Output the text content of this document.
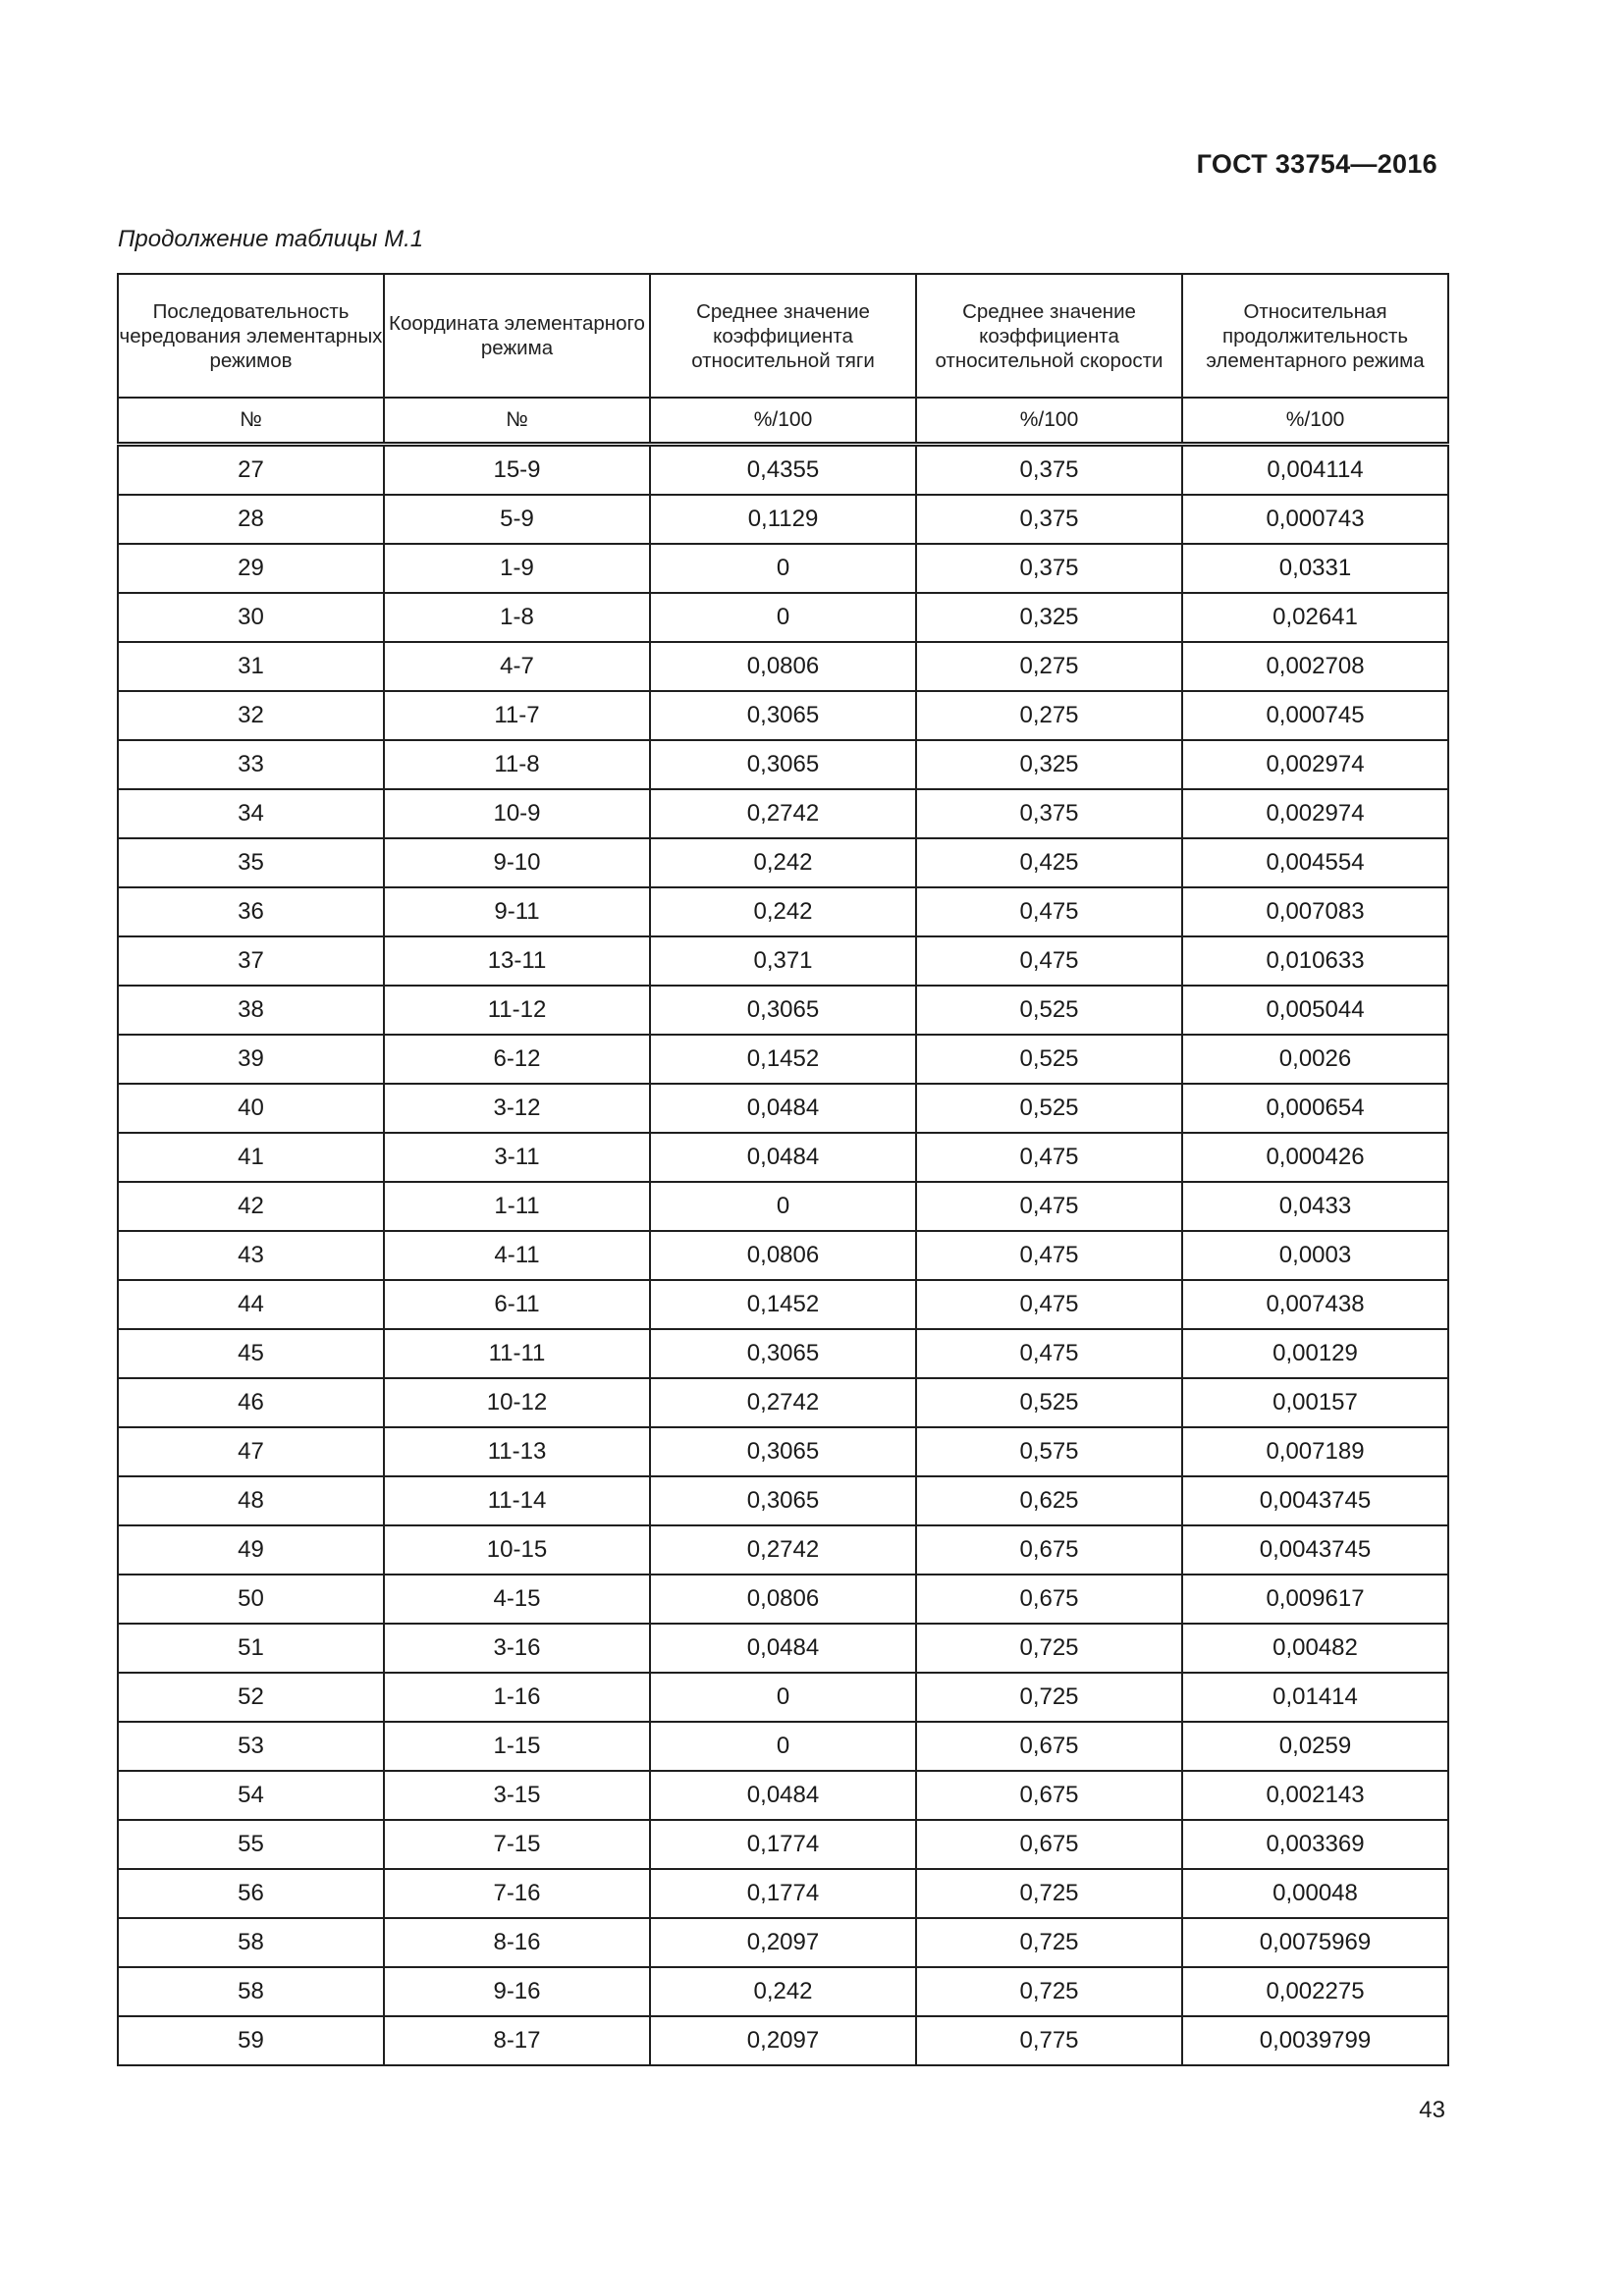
ГОСТ 33754—2016
Продолжение таблицы М.1
Последовательность чередования элементарных режимов	Координата элементарного режима	Среднее значение коэффициента относительной тяги	Среднее значение коэффициента относительной скорости	Относительная продолжительность элементарного режима
№	№	%/100	%/100	%/100
27	15-9	0,4355	0,375	0,004114
28	5-9	0,1129	0,375	0,000743
29	1-9	0	0,375	0,0331
30	1-8	0	0,325	0,02641
31	4-7	0,0806	0,275	0,002708
32	11-7	0,3065	0,275	0,000745
33	11-8	0,3065	0,325	0,002974
34	10-9	0,2742	0,375	0,002974
35	9-10	0,242	0,425	0,004554
36	9-11	0,242	0,475	0,007083
37	13-11	0,371	0,475	0,010633
38	11-12	0,3065	0,525	0,005044
39	6-12	0,1452	0,525	0,0026
40	3-12	0,0484	0,525	0,000654
41	3-11	0,0484	0,475	0,000426
42	1-11	0	0,475	0,0433
43	4-11	0,0806	0,475	0,0003
44	6-11	0,1452	0,475	0,007438
45	11-11	0,3065	0,475	0,00129
46	10-12	0,2742	0,525	0,00157
47	11-13	0,3065	0,575	0,007189
48	11-14	0,3065	0,625	0,0043745
49	10-15	0,2742	0,675	0,0043745
50	4-15	0,0806	0,675	0,009617
51	3-16	0,0484	0,725	0,00482
52	1-16	0	0,725	0,01414
53	1-15	0	0,675	0,0259
54	3-15	0,0484	0,675	0,002143
55	7-15	0,1774	0,675	0,003369
56	7-16	0,1774	0,725	0,00048
58	8-16	0,2097	0,725	0,0075969
58	9-16	0,242	0,725	0,002275
59	8-17	0,2097	0,775	0,0039799
43
